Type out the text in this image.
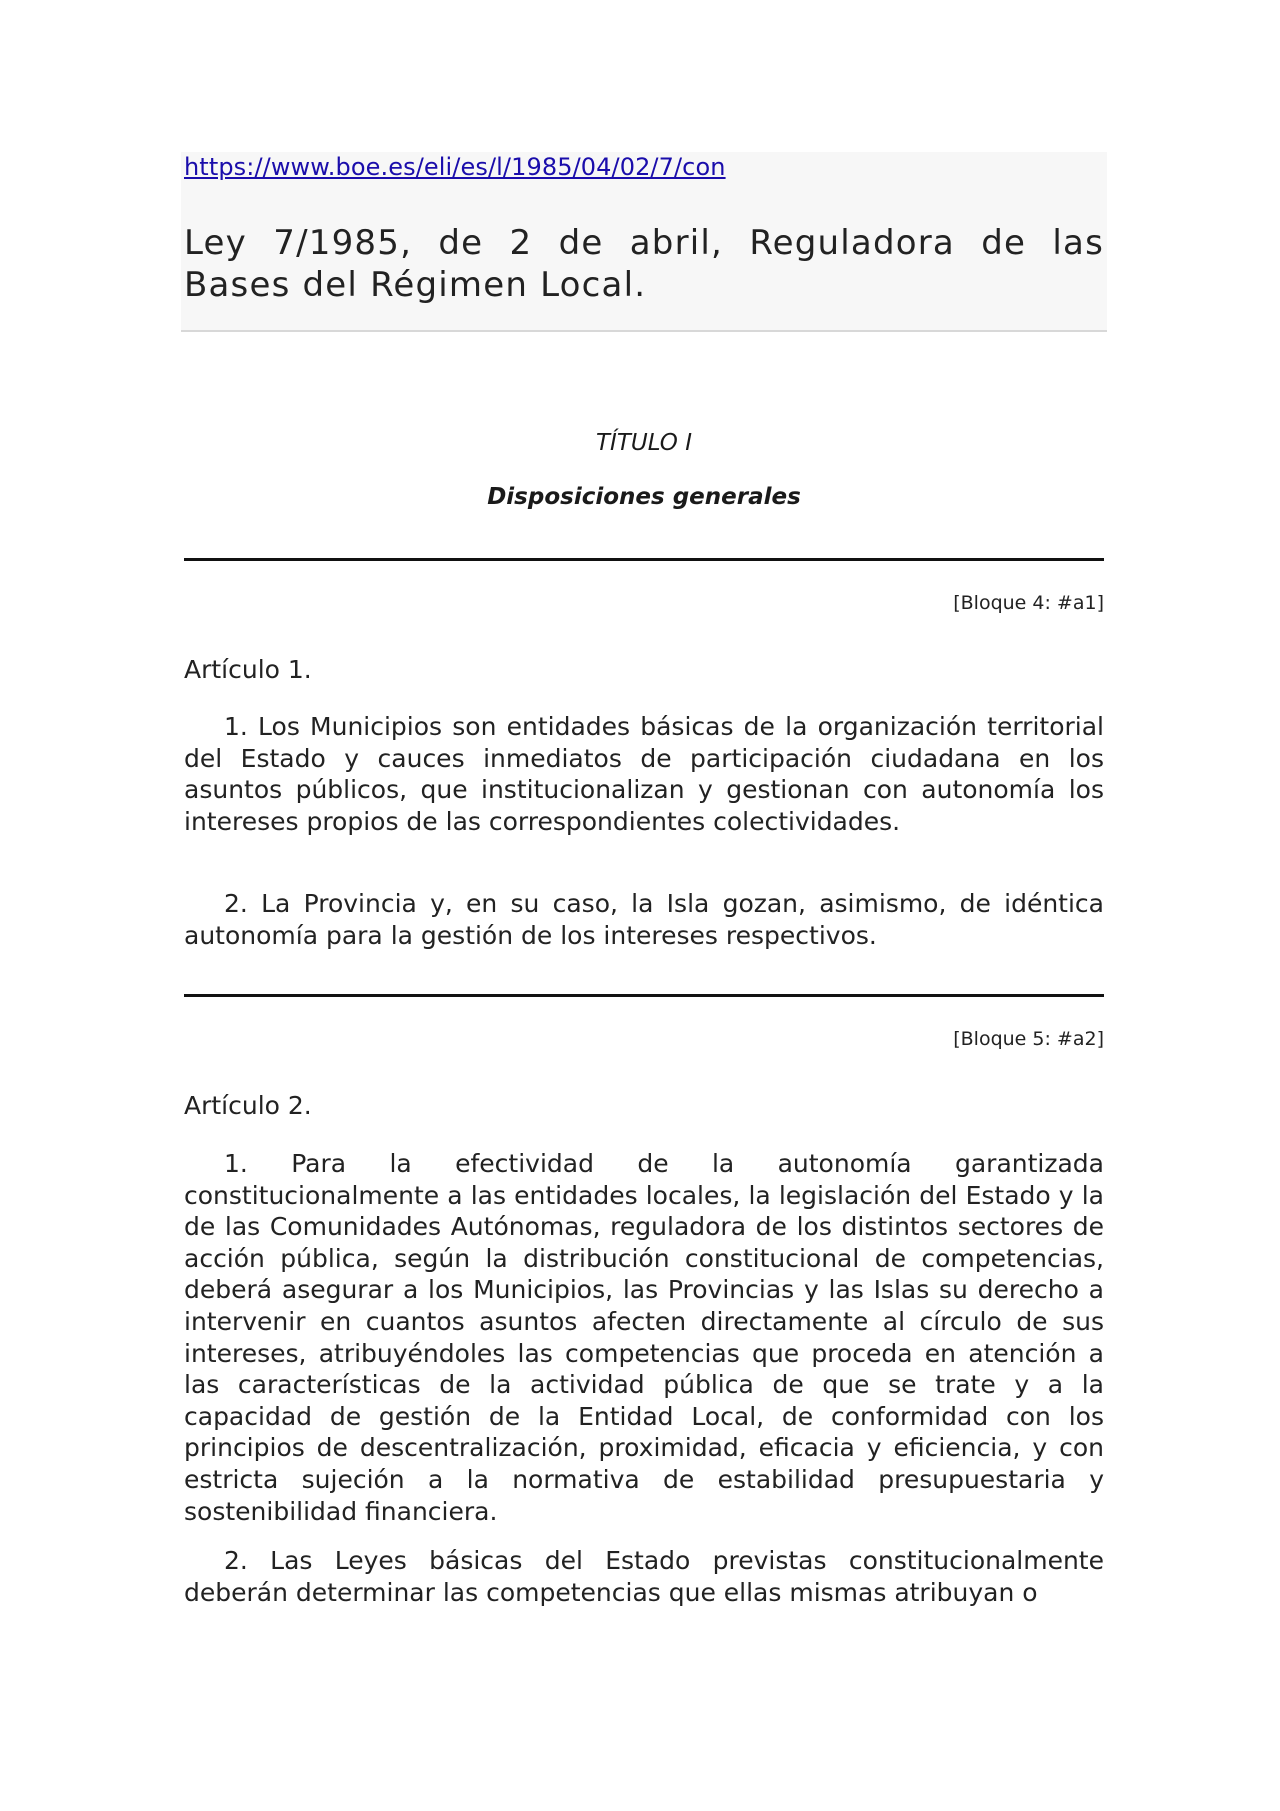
https://www.boe.es/eli/es/l/1985/04/02/7/con
Ley 7/1985, de 2 de abril, Reguladora de las Bases del Régimen Local.
TÍTULO I
Disposiciones generales
[Bloque 4: #a1]
Artículo 1.

1. Los Municipios son entidades básicas de la organización territorial del Estado y cauces inmediatos de participación ciudadana en los asuntos públicos, que institucionalizan y gestionan con autonomía los intereses propios de las correspondientes colectividades.

2. La Provincia y, en su caso, la Isla gozan, asimismo, de idéntica autonomía para la gestión de los intereses respectivos.

[Bloque 5: #a2]
Artículo 2.

1. Para la efectividad de la autonomía garantizada constitucionalmente a las entidades locales, la legislación del Estado y la de las Comunidades Autónomas, reguladora de los distintos sectores de acción pública, según la distribución constitucional de competencias, deberá asegurar a los Municipios, las Provincias y las Islas su derecho a intervenir en cuantos asuntos afecten directamente al círculo de sus intereses, atribuyéndoles las competencias que proceda en atención a las características de la actividad pública de que se trate y a la capacidad de gestión de la Entidad Local, de conformidad con los principios de descentralización, proximidad, eficacia y eficiencia, y con estricta sujeción a la normativa de estabilidad presupuestaria y sostenibilidad financiera.

2. Las Leyes básicas del Estado previstas constitucionalmente deberán determinar las competencias que ellas mismas atribuyan o
